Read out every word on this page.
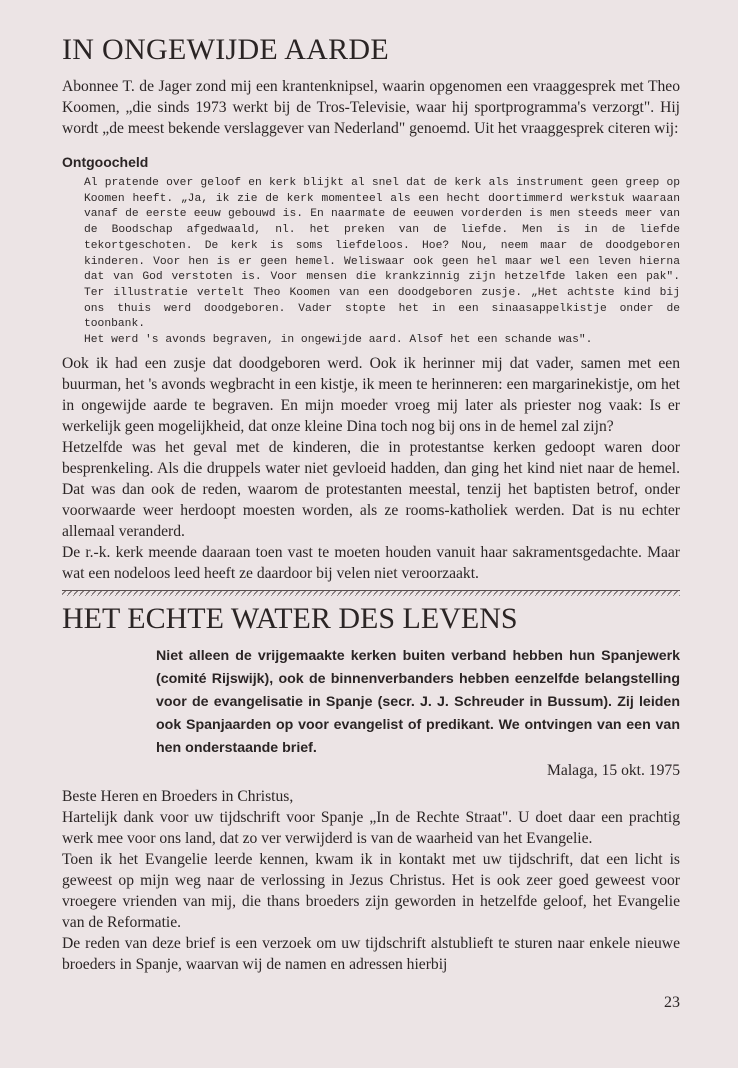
IN ONGEWIJDE AARDE

Abonnee T. de Jager zond mij een krantenknipsel, waarin opgenomen een vraaggesprek met Theo Koomen, „die sinds 1973 werkt bij de Tros-Televisie, waar hij sportprogramma's verzorgt". Hij wordt „de meest bekende verslaggever van Nederland" genoemd. Uit het vraaggesprek citeren wij:

Ontgoocheld

Al pratende over geloof en kerk blijkt al snel dat de kerk als instrument geen greep op Koomen heeft. „Ja, ik zie de kerk momenteel als een hecht doortimmerd werkstuk waaraan vanaf de eerste eeuw gebouwd is. En naarmate de eeuwen vorderden is men steeds meer van de Boodschap afgedwaald, nl. het preken van de liefde. Men is in de liefde tekortgeschoten. De kerk is soms liefdeloos. Hoe? Nou, neem maar de doodgeboren kinderen. Voor hen is er geen hemel. Weliswaar ook geen hel maar wel een leven hierna dat van God verstoten is. Voor mensen die krankzinnig zijn hetzelfde laken een pak". Ter illustratie vertelt Theo Koomen van een doodgeboren zusje. „Het achtste kind bij ons thuis werd doodgeboren. Vader stopte het in een sinaasappelkistje onder de toonbank.

Het werd 's avonds begraven, in ongewijde aard. Alsof het een schande was".

Ook ik had een zusje dat doodgeboren werd. Ook ik herinner mij dat vader, samen met een buurman, het 's avonds wegbracht in een kistje, ik meen te herinneren: een margarinekistje, om het in ongewijde aarde te begraven. En mijn moeder vroeg mij later als priester nog vaak: Is er werkelijk geen mogelijkheid, dat onze kleine Dina toch nog bij ons in de hemel zal zijn?

Hetzelfde was het geval met de kinderen, die in protestantse kerken gedoopt waren door besprenkeling. Als die druppels water niet gevloeid hadden, dan ging het kind niet naar de hemel. Dat was dan ook de reden, waarom de protestanten meestal, tenzij het baptisten betrof, onder voorwaarde weer herdoopt moesten worden, als ze rooms-katholiek werden. Dat is nu echter allemaal veranderd.

De r.-k. kerk meende daaraan toen vast te moeten houden vanuit haar sakramentsgedachte. Maar wat een nodeloos leed heeft ze daardoor bij velen niet veroorzaakt.

HET ECHTE WATER DES LEVENS
Niet alleen de vrijgemaakte kerken buiten verband hebben hun Spanjewerk (comité Rijswijk), ook de binnenverbanders hebben eenzelfde belangstelling voor de evangelisatie in Spanje (secr. J. J. Schreuder in Bussum). Zij leiden ook Spanjaarden op voor evangelist of predikant. We ontvingen van een van hen onderstaande brief.
Malaga, 15 okt. 1975

Beste Heren en Broeders in Christus,

Hartelijk dank voor uw tijdschrift voor Spanje „In de Rechte Straat". U doet daar een prachtig werk mee voor ons land, dat zo ver verwijderd is van de waarheid van het Evangelie.

Toen ik het Evangelie leerde kennen, kwam ik in kontakt met uw tijdschrift, dat een licht is geweest op mijn weg naar de verlossing in Jezus Christus. Het is ook zeer goed geweest voor vroegere vrienden van mij, die thans broeders zijn geworden in hetzelfde geloof, het Evangelie van de Reformatie.

De reden van deze brief is een verzoek om uw tijdschrift alstublieft te sturen naar enkele nieuwe broeders in Spanje, waarvan wij de namen en adressen hierbij

23
